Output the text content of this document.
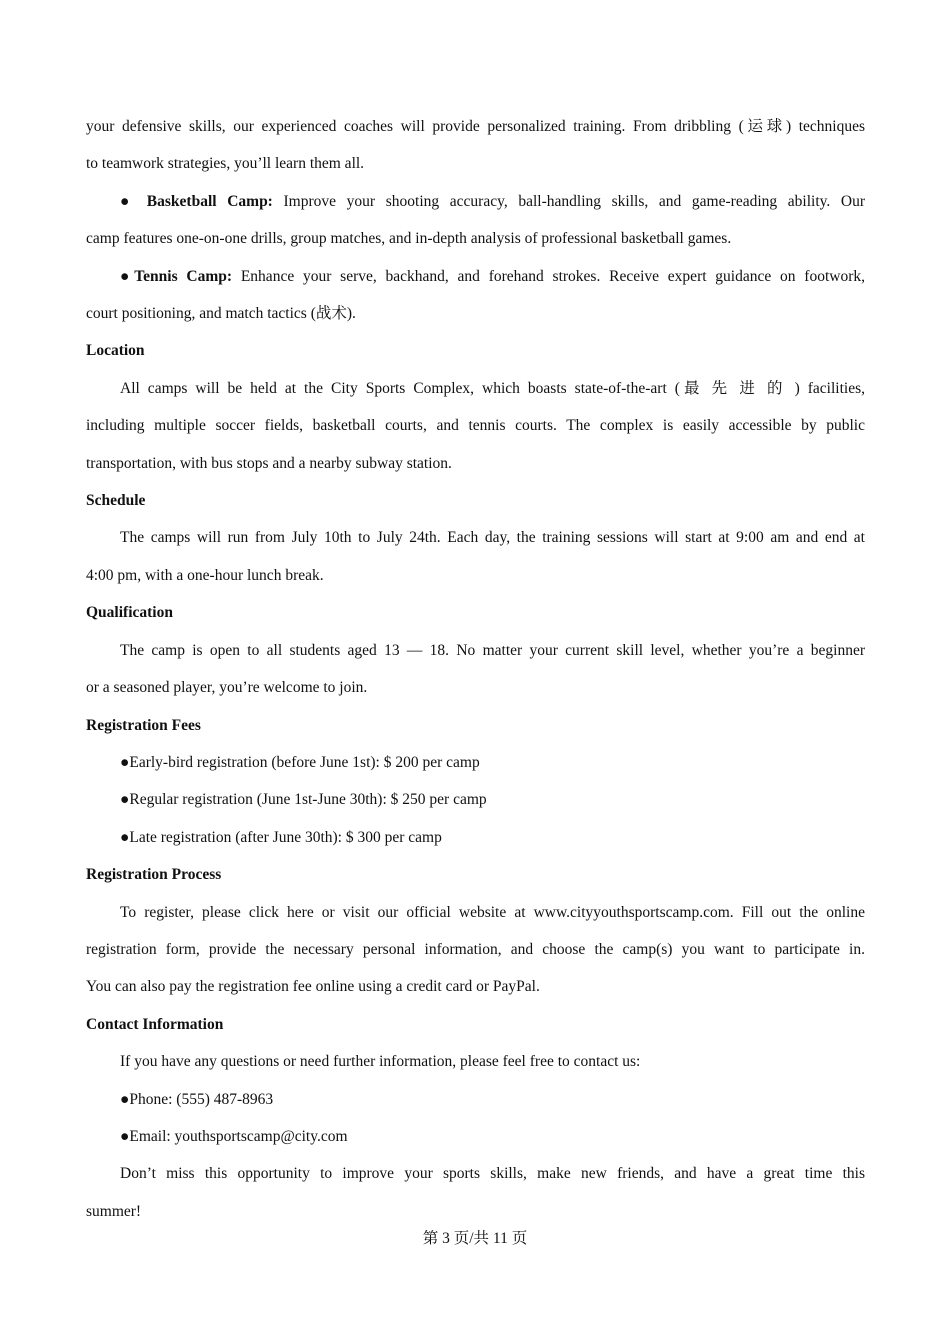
your defensive skills, our experienced coaches will provide personalized training. From dribbling (运球) techniques

to teamwork strategies, you’ll learn them all.

● Basketball Camp: Improve your shooting accuracy, ball-handling skills, and game-reading ability. Our

camp features one-on-one drills, group matches, and in-depth analysis of professional basketball games.

●Tennis Camp: Enhance your serve, backhand, and forehand strokes. Receive expert guidance on footwork,

court positioning, and match tactics (战术).

Location

All camps will be held at the City Sports Complex, which boasts state-of-the-art (最 先 进 的 ) facilities,

including multiple soccer fields, basketball courts, and tennis courts. The complex is easily accessible by public

transportation, with bus stops and a nearby subway station.

Schedule

The camps will run from July 10th to July 24th. Each day, the training sessions will start at 9:00 am and end at

4:00 pm, with a one-hour lunch break.

Qualification

The camp is open to all students aged 13 — 18. No matter your current skill level, whether you’re a beginner

or a seasoned player, you’re welcome to join.

Registration Fees

●Early-bird registration (before June 1st): $ 200 per camp

●Regular registration (June 1st-June 30th): $ 250 per camp

●Late registration (after June 30th): $ 300 per camp

Registration Process

To register, please click here or visit our official website at www.cityyouthsportscamp.com. Fill out the online

registration form, provide the necessary personal information, and choose the camp(s) you want to participate in.

You can also pay the registration fee online using a credit card or PayPal.

Contact Information

If you have any questions or need further information, please feel free to contact us:

●Phone: (555) 487-8963

●Email: youthsportscamp@city.com

Don’t miss this opportunity to improve your sports skills, make new friends, and have a great time this

summer!

第 3 页/共 11 页
